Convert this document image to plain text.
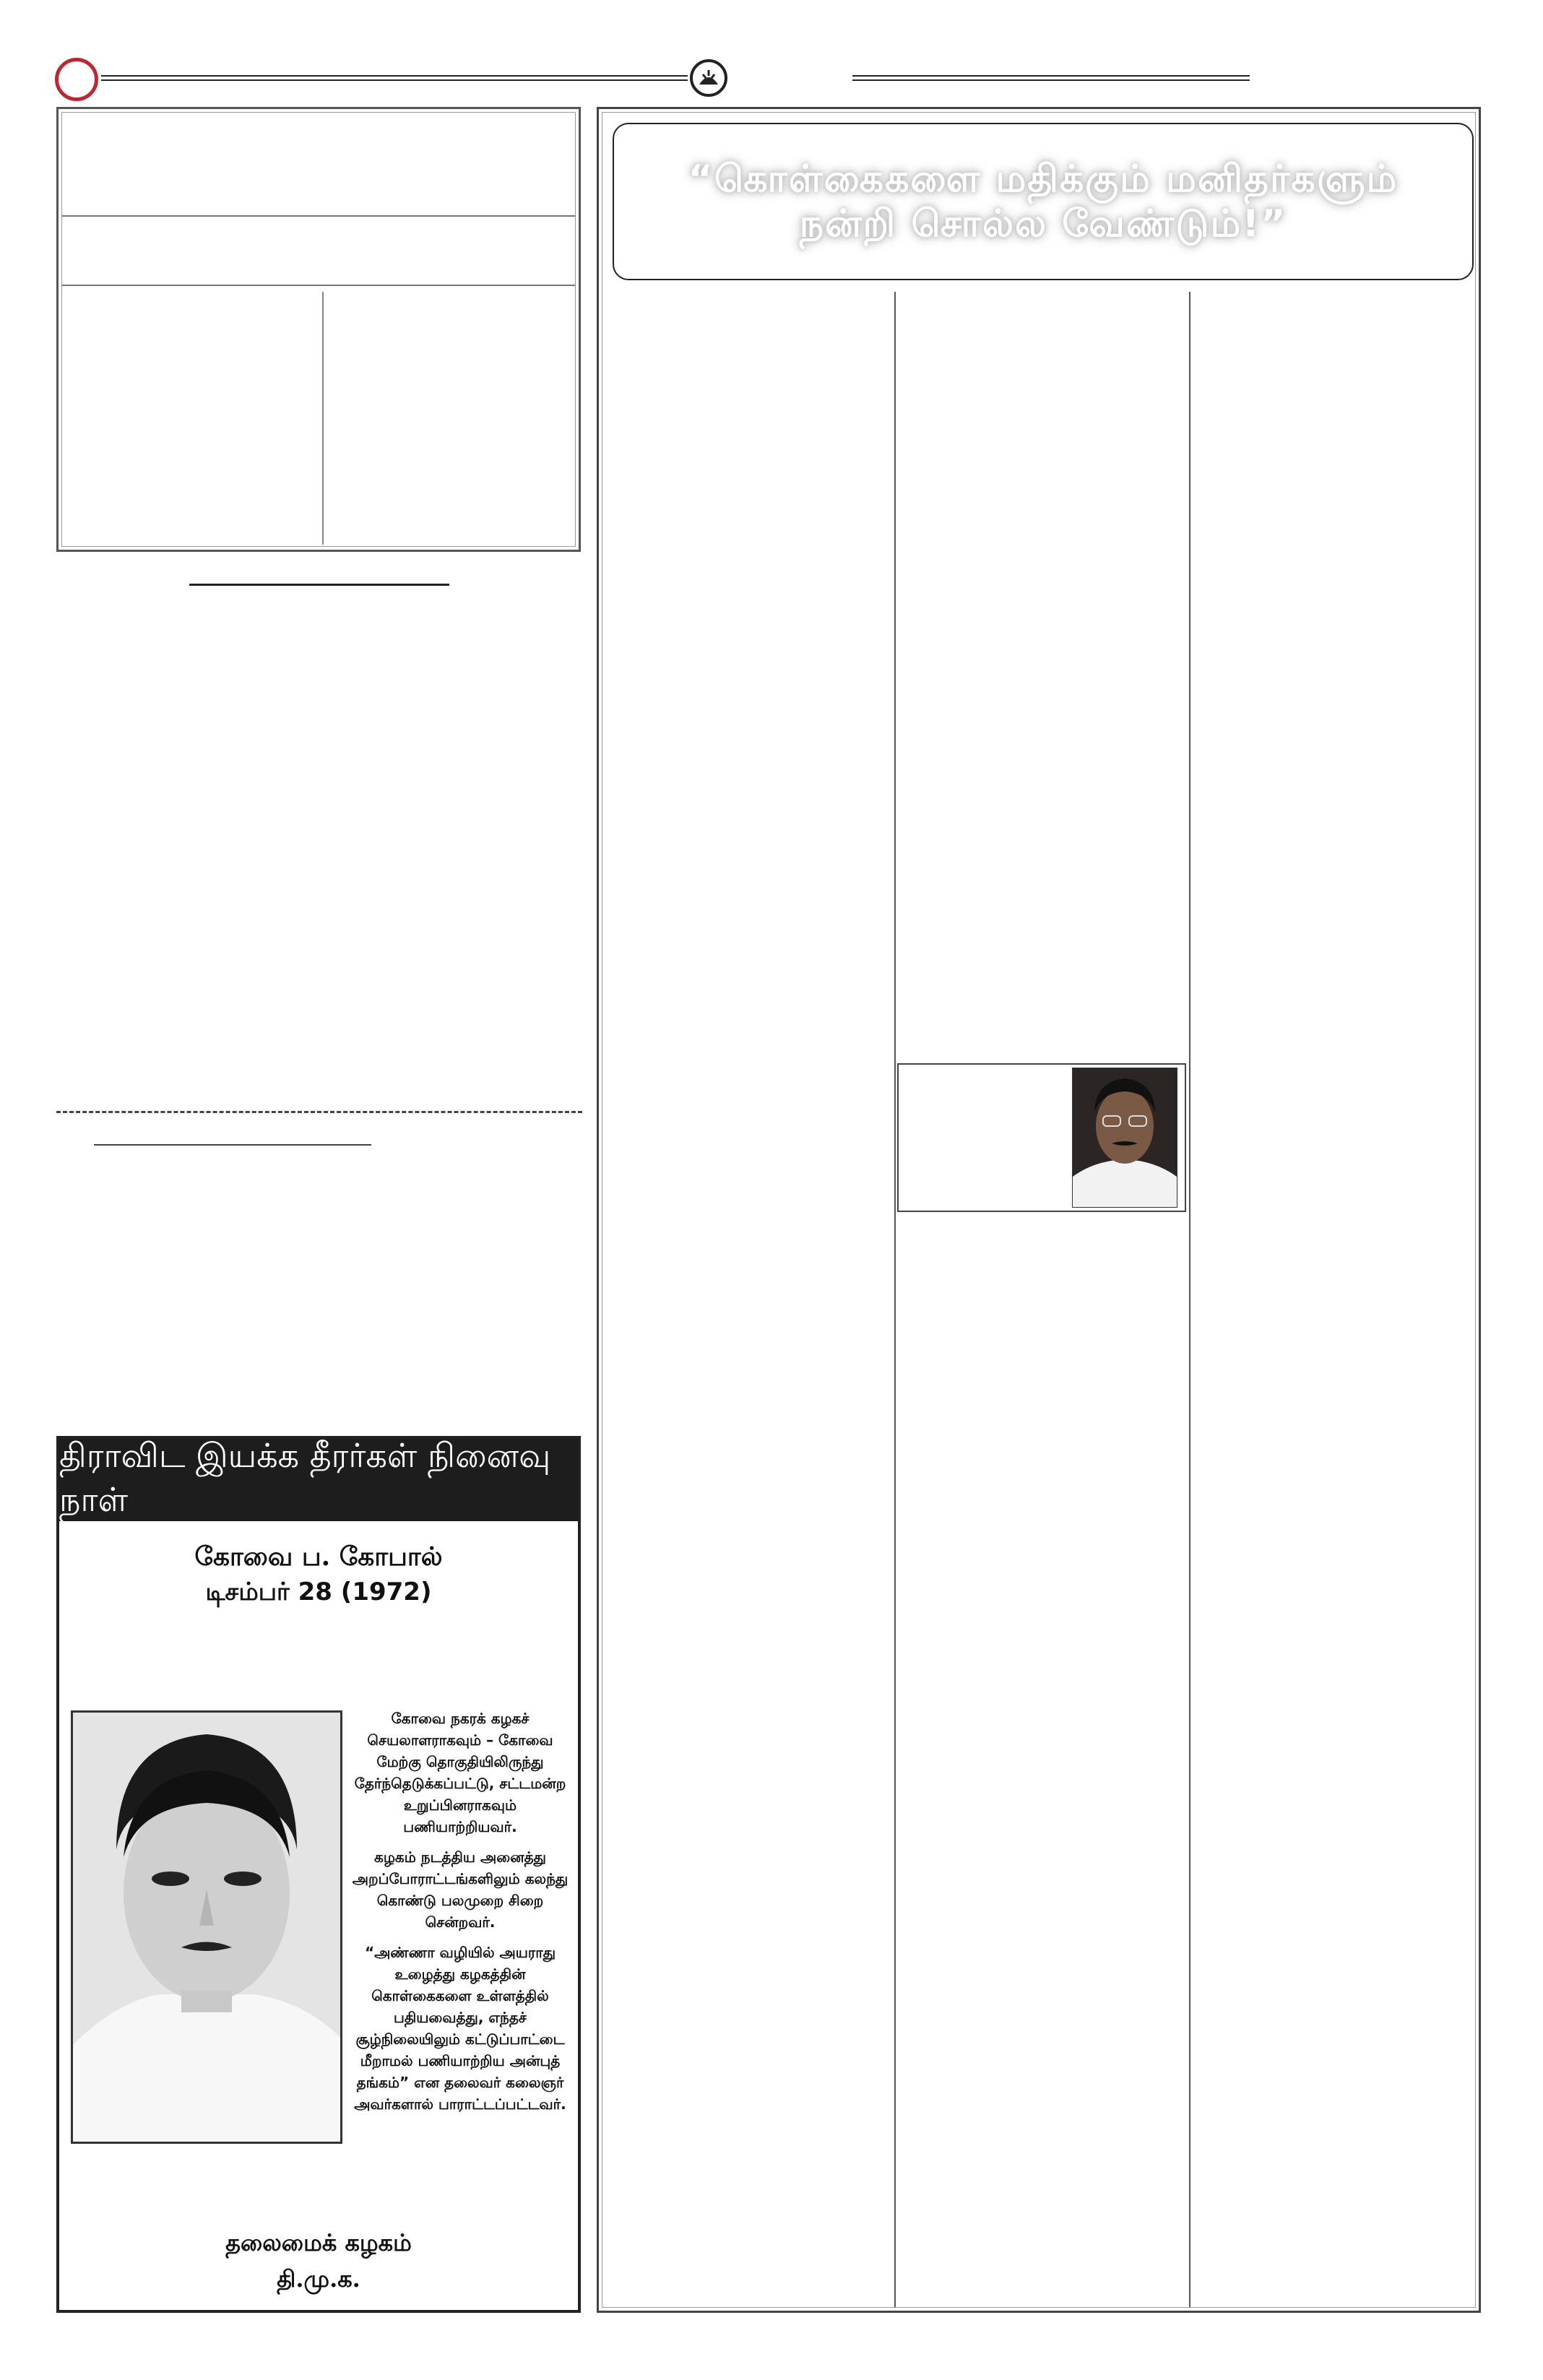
திராவிட இயக்க தீரர்கள் நினைவு நாள்
கோவை ப. கோபால்
டிசம்பர் 28 (1972)

கோவை நகரக் கழகச் செயலாளராகவும் – கோவை மேற்கு தொகுதியிலிருந்து தேர்ந்தெடுக்கப்பட்டு, சட்டமன்ற உறுப்பினராகவும் பணியாற்றியவர்.

கழகம் நடத்திய அனைத்து அறப்போராட்டங்களிலும் கலந்து கொண்டு பலமுறை சிறை சென்றவர்.

“அண்ணா வழியில் அயராது உழைத்து கழகத்தின் கொள்கைகளை உள்ளத்தில் பதியவைத்து, எந்தச் சூழ்நிலையிலும் கட்டுப்பாட்டை மீறாமல் பணியாற்றிய அன்புத் தங்கம்” என தலைவர் கலைஞர் அவர்களால் பாராட்டப்பட்டவர்.

தலைமைக் கழகம்
தி.மு.க.
“கொள்கைகளை மதிக்கும் மனிதர்களும் நன்றி சொல்ல வேண்டும்!”
